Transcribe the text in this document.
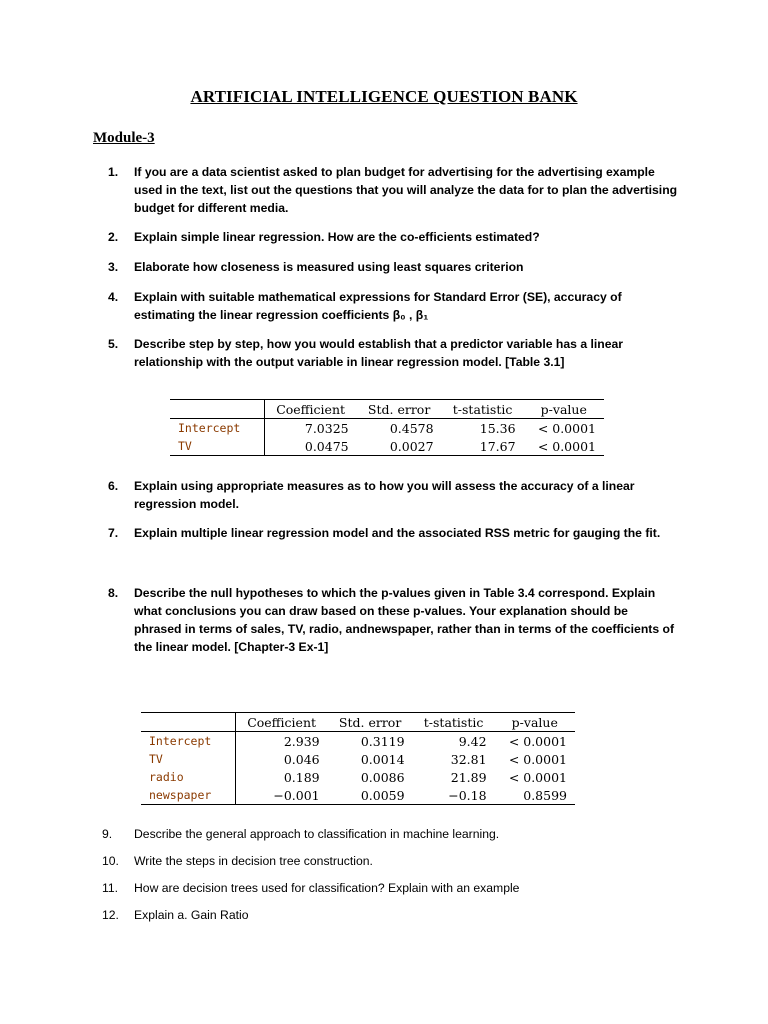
ARTIFICIAL INTELLIGENCE QUESTION BANK
Module-3
1.	If you are a data scientist asked to plan budget for advertising for the advertising example used in the text, list out the questions that you will analyze the data for to plan the advertising budget for different media.
2.	Explain simple linear regression. How are the co-efficients estimated?
3.	Elaborate how closeness is measured using least squares criterion
4.	Explain with suitable mathematical expressions for Standard Error (SE), accuracy of estimating the linear regression coefficients β₀ , β₁
5.	Describe step by step, how you would establish that a predictor variable has a linear relationship with the output variable in linear regression model. [Table 3.1]
	Coefficient	Std. error	t-statistic	p-value
Intercept	7.0325	0.4578	15.36	< 0.0001
TV	0.0475	0.0027	17.67	< 0.0001
6.	Explain using appropriate measures as to how you will assess the accuracy of a linear regression model.
7.	Explain multiple linear regression model and the associated RSS metric for gauging the fit.
8.	Describe the null hypotheses to which the p-values given in Table 3.4 correspond. Explain what conclusions you can draw based on these p-values. Your explanation should be phrased in terms of sales, TV, radio, andnewspaper, rather than in terms of the coefficients of the linear model. [Chapter-3 Ex-1]
	Coefficient	Std. error	t-statistic	p-value
Intercept	2.939	0.3119	9.42	< 0.0001
TV	0.046	0.0014	32.81	< 0.0001
radio	0.189	0.0086	21.89	< 0.0001
newspaper	−0.001	0.0059	−0.18	0.8599
9.	Describe the general approach to classification in machine learning.
10. Write the steps in decision tree construction.
11.	How are decision trees used for classification? Explain with an example
12. Explain a. Gain Ratio
